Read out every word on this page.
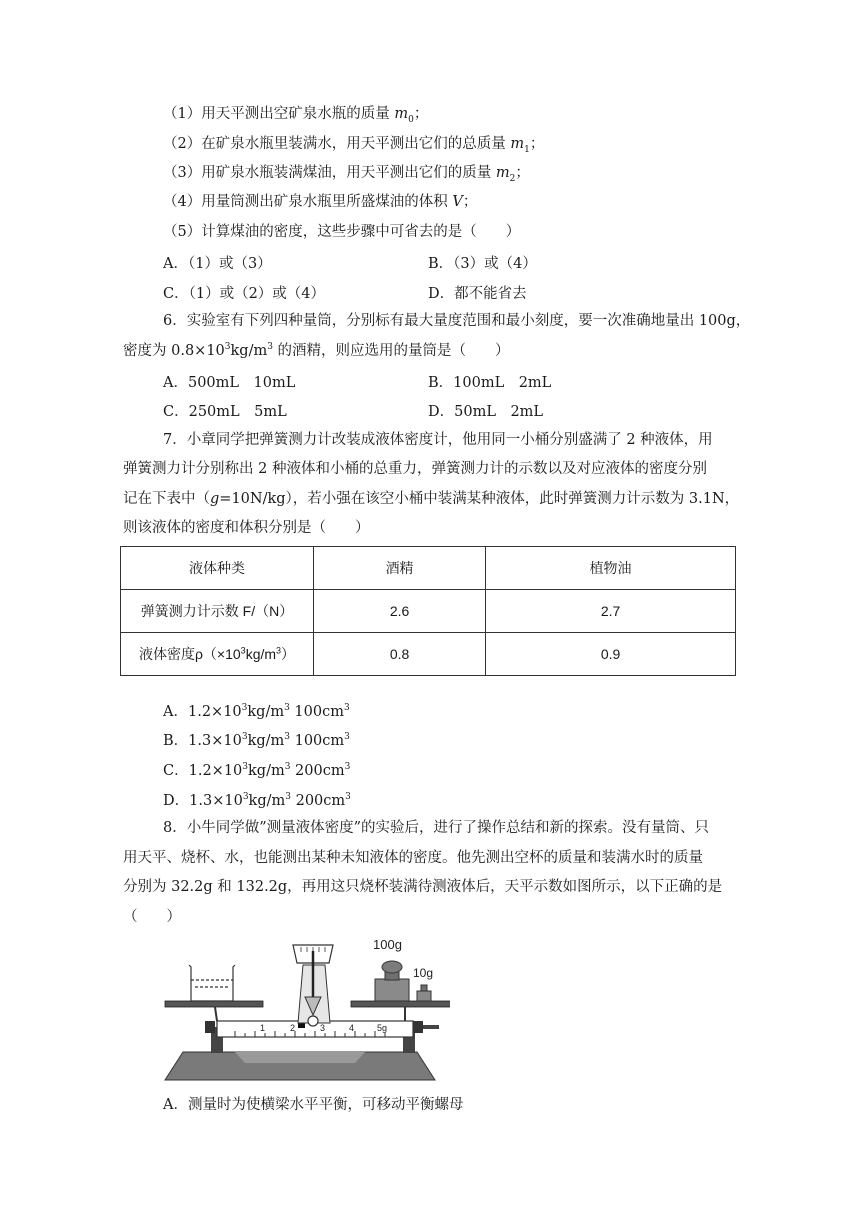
（1）用天平测出空矿泉水瓶的质量 $m_0$；
（2）在矿泉水瓶里装满水，用天平测出它们的总质量 $m_1$；
（3）用矿泉水瓶装满煤油，用天平测出它们的质量 $m_2$；
（4）用量筒测出矿泉水瓶里所盛煤油的体积 V；
（5）计算煤油的密度，这些步骤中可省去的是（　　）
A．（1）或（3）	B．（3）或（4）
C．（1）或（2）或（4）	D．都不能省去
6．实验室有下列四种量筒，分别标有最大量度范围和最小刻度，要一次准确地量出 100g，
密度为 $0.8\times 10^3kg/m^3$ 的酒精，则应选用的量筒是（　　）
A．500mL　10mL	B．100mL　2mL
C．250mL　5mL	D．50mL　2mL
7．小章同学把弹簧测力计改装成液体密度计，他用同一小桶分别盛满了 2 种液体，用
弹簧测力计分别称出 2 种液体和小桶的总重力，弹簧测力计的示数以及对应液体的密度分别
记在下表中（g=10N/kg），若小强在该空小桶中装满某种液体，此时弹簧测力计示数为 3.1N，
则该液体的密度和体积分别是（　　）
液体种类	酒精	植物油
弹簧测力计示数 F/（N）	2.6	2.7
液体密度$\rho(\times 10^3kg/m^3)$	0.8	0.9
A．$1.2\times 10^3kg/m^3$ $100cm^3$
B．$1.3\times 10^3kg/m^3$ $100cm^3$
C．$1.2\times 10^3kg/m^3$ $200cm^3$
D．$1.3\times 10^3kg/m^3$ $200cm^3$
8．小牛同学做”测量液体密度”的实验后，进行了操作总结和新的探索。没有量筒、只
用天平、烧杯、水，也能测出某种未知液体的密度。他先测出空杯的质量和装满水时的质量
分别为 32.2g 和 132.2g，再用这只烧杯装满待测液体后，天平示数如图所示，以下正确的是
（　　）
100g
10g
1	2	3	4	5g
A．测量时为使横梁水平平衡，可移动平衡螺母
